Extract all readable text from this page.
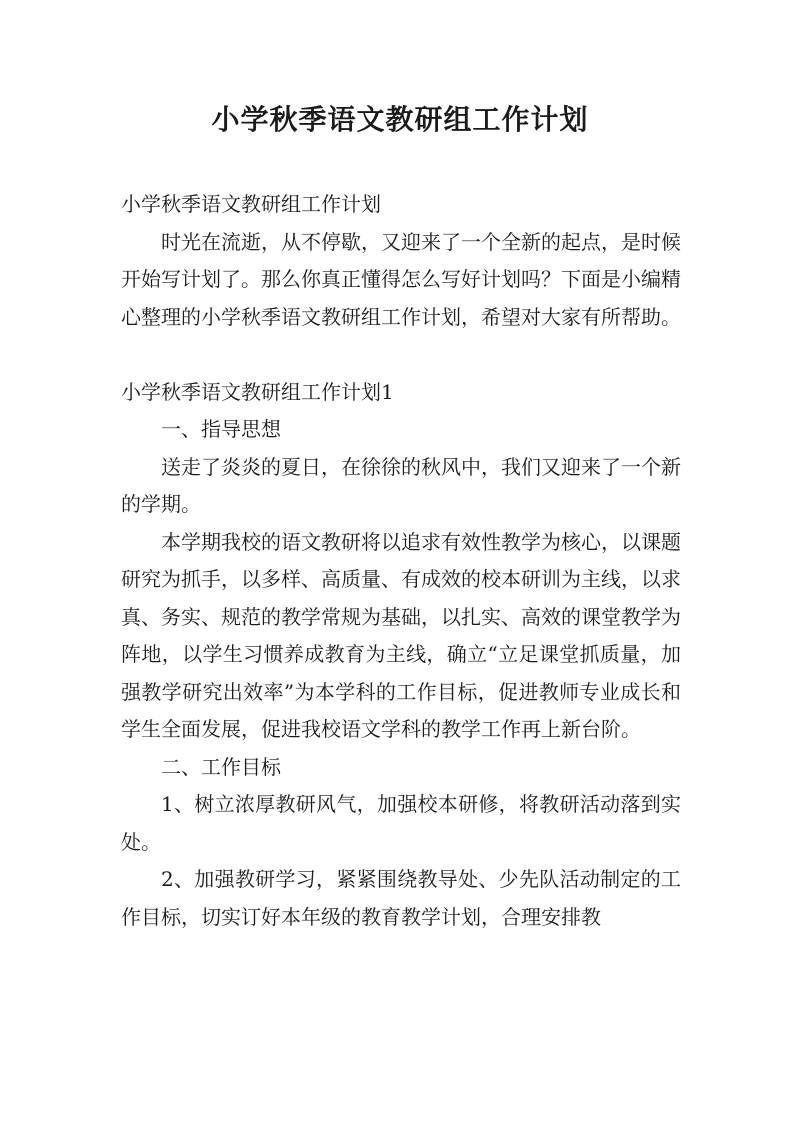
小学秋季语文教研组工作计划

小学秋季语文教研组工作计划

时光在流逝，从不停歇，又迎来了一个全新的起点，是时候开始写计划了。那么你真正懂得怎么写好计划吗？下面是小编精心整理的小学秋季语文教研组工作计划，希望对大家有所帮助。

小学秋季语文教研组工作计划1

一、指导思想

送走了炎炎的夏日，在徐徐的秋风中，我们又迎来了一个新的学期。

本学期我校的语文教研将以追求有效性教学为核心，以课题研究为抓手，以多样、高质量、有成效的校本研训为主线，以求真、务实、规范的教学常规为基础，以扎实、高效的课堂教学为阵地，以学生习惯养成教育为主线，确立“立足课堂抓质量，加强教学研究出效率”为本学科的工作目标，促进教师专业成长和学生全面发展，促进我校语文学科的教学工作再上新台阶。

二、工作目标

1、树立浓厚教研风气，加强校本研修，将教研活动落到实处。

2、加强教研学习，紧紧围绕教导处、少先队活动制定的工作目标，切实订好本年级的教育教学计划，合理安排教
